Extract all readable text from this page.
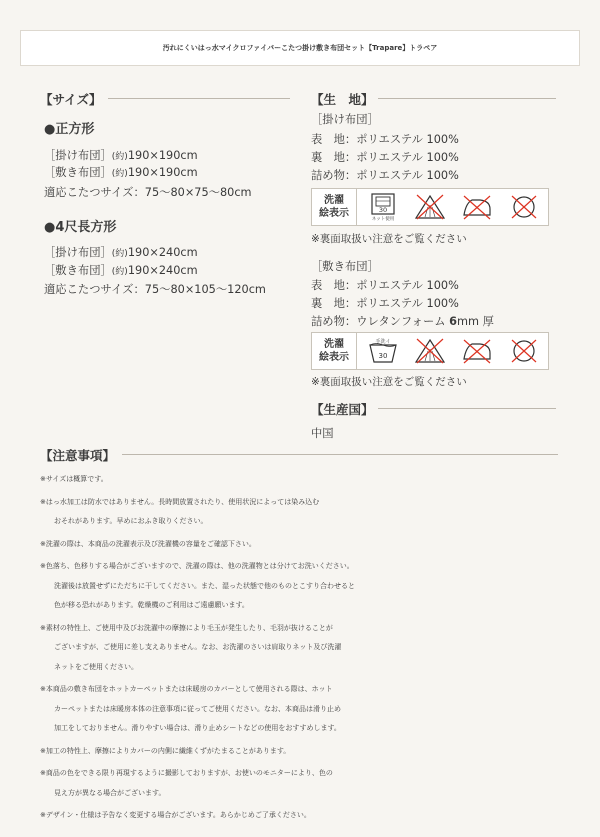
汚れにくいはっ水マイクロファイバーこたつ掛け敷き布団セット【Trapare】トラペア
【サイズ】
●正方形
［掛け布団］(約)190×190cm
［敷き布団］(約)190×190cm
適応こたつサイズ：75～80×75～80cm
●4尺長方形
［掛け布団］(約)190×240cm
［敷き布団］(約)190×240cm
適応こたつサイズ：75～80×105～120cm
【生　地】
［掛け布団］
表　地：ポリエステル 100%
裏　地：ポリエステル 100%
詰め物：ポリエステル 100%
洗濯
絵表示	30
ネット使用
※裏面取扱い注意をご覧ください
［敷き布団］
表　地：ポリエステル 100%
裏　地：ポリエステル 100%
詰め物：ウレタンフォーム 6mm 厚
洗濯
絵表示
手洗イ
30
※裏面取扱い注意をご覧ください
【生産国】
中国
【注意事項】
※サイズは概算です。
※はっ水加工は防水ではありません。長時間放置されたり、使用状況によっては染み込む
おそれがあります。早めにおふき取りください。
※洗濯の際は、本商品の洗濯表示及び洗濯機の容量をご確認下さい。
※色落ち、色移りする場合がございますので、洗濯の際は、他の洗濯物とは分けてお洗いください。
洗濯後は放置せずにただちに干してください。また、湿った状態で他のものとこすり合わせると
色が移る恐れがあります。乾燥機のご利用はご遠慮願います。
※素材の特性上、ご使用中及びお洗濯中の摩擦により毛玉が発生したり、毛羽が抜けることが
ございますが、ご使用に差し支えありません。なお、お洗濯のさいは肩取りネット及び洗濯
ネットをご使用ください。
※本商品の敷き布団をホットカーペットまたは床暖房のカバーとして使用される際は、ホット
カーペットまたは床暖房本体の注意事項に従ってご使用ください。なお、本商品は滑り止め
加工をしておりません。滑りやすい場合は、滑り止めシートなどの使用をおすすめします。
※加工の特性上、摩擦によりカバーの内側に繊維くずがたまることがあります。
※商品の色をできる限り再現するように撮影しておりますが、お使いのモニターにより、色の
見え方が異なる場合がございます。
※デザイン・仕様は予告なく変更する場合がございます。あらかじめご了承ください。
